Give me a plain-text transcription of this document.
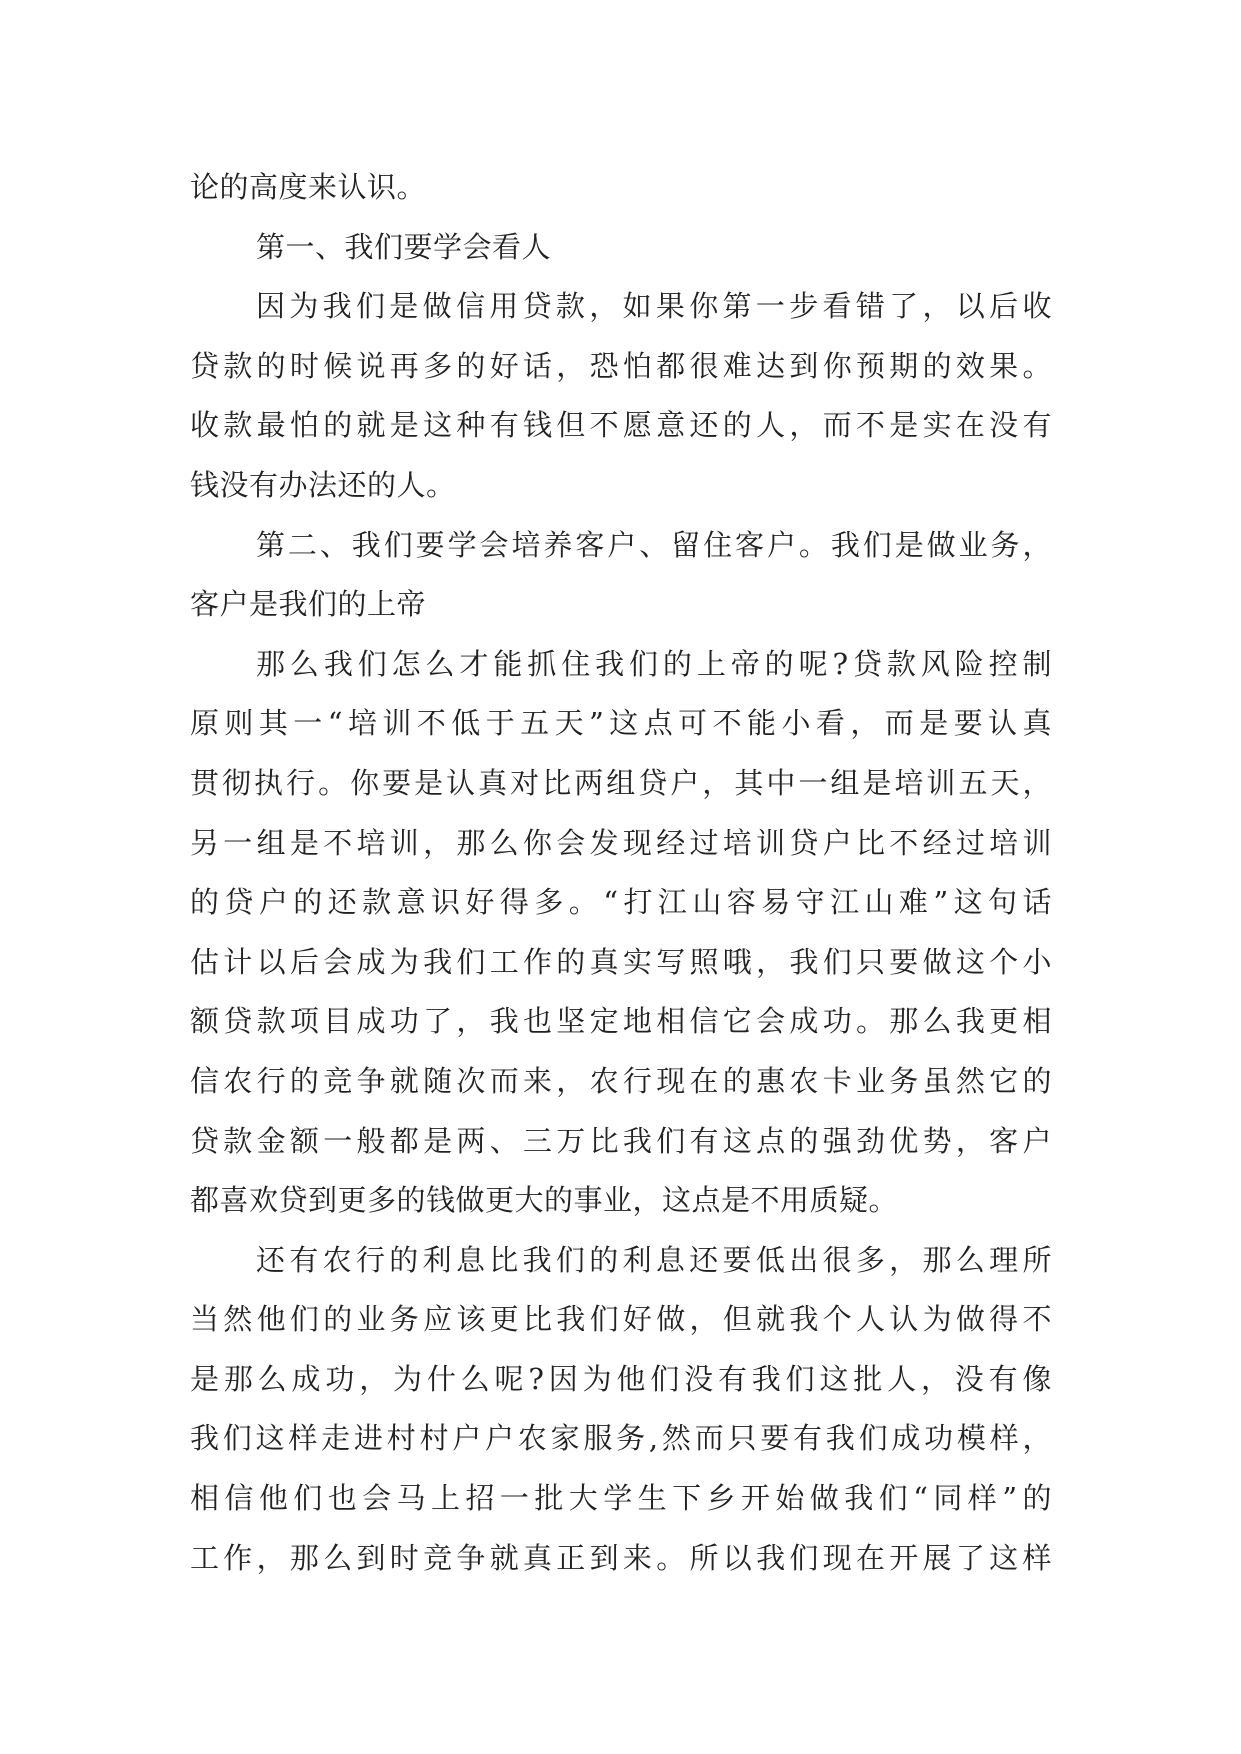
论的高度来认识。
第一、我们要学会看人
因为我们是做信用贷款，如果你第一步看错了，以后收
贷款的时候说再多的好话，恐怕都很难达到你预期的效果。
收款最怕的就是这种有钱但不愿意还的人，而不是实在没有
钱没有办法还的人。
第二、我们要学会培养客户、留住客户。我们是做业务，
客户是我们的上帝
那么我们怎么才能抓住我们的上帝的呢?贷款风险控制
原则其一“培训不低于五天”这点可不能小看，而是要认真
贯彻执行。你要是认真对比两组贷户，其中一组是培训五天，
另一组是不培训，那么你会发现经过培训贷户比不经过培训
的贷户的还款意识好得多。“打江山容易守江山难”这句话
估计以后会成为我们工作的真实写照哦，我们只要做这个小
额贷款项目成功了，我也坚定地相信它会成功。那么我更相
信农行的竞争就随次而来，农行现在的惠农卡业务虽然它的
贷款金额一般都是两、三万比我们有这点的强劲优势，客户
都喜欢贷到更多的钱做更大的事业，这点是不用质疑。
还有农行的利息比我们的利息还要低出很多，那么理所
当然他们的业务应该更比我们好做，但就我个人认为做得不
是那么成功，为什么呢?因为他们没有我们这批人，没有像
我们这样走进村村户户农家服务,然而只要有我们成功模样，
相信他们也会马上招一批大学生下乡开始做我们“同样”的
工作，那么到时竞争就真正到来。所以我们现在开展了这样
